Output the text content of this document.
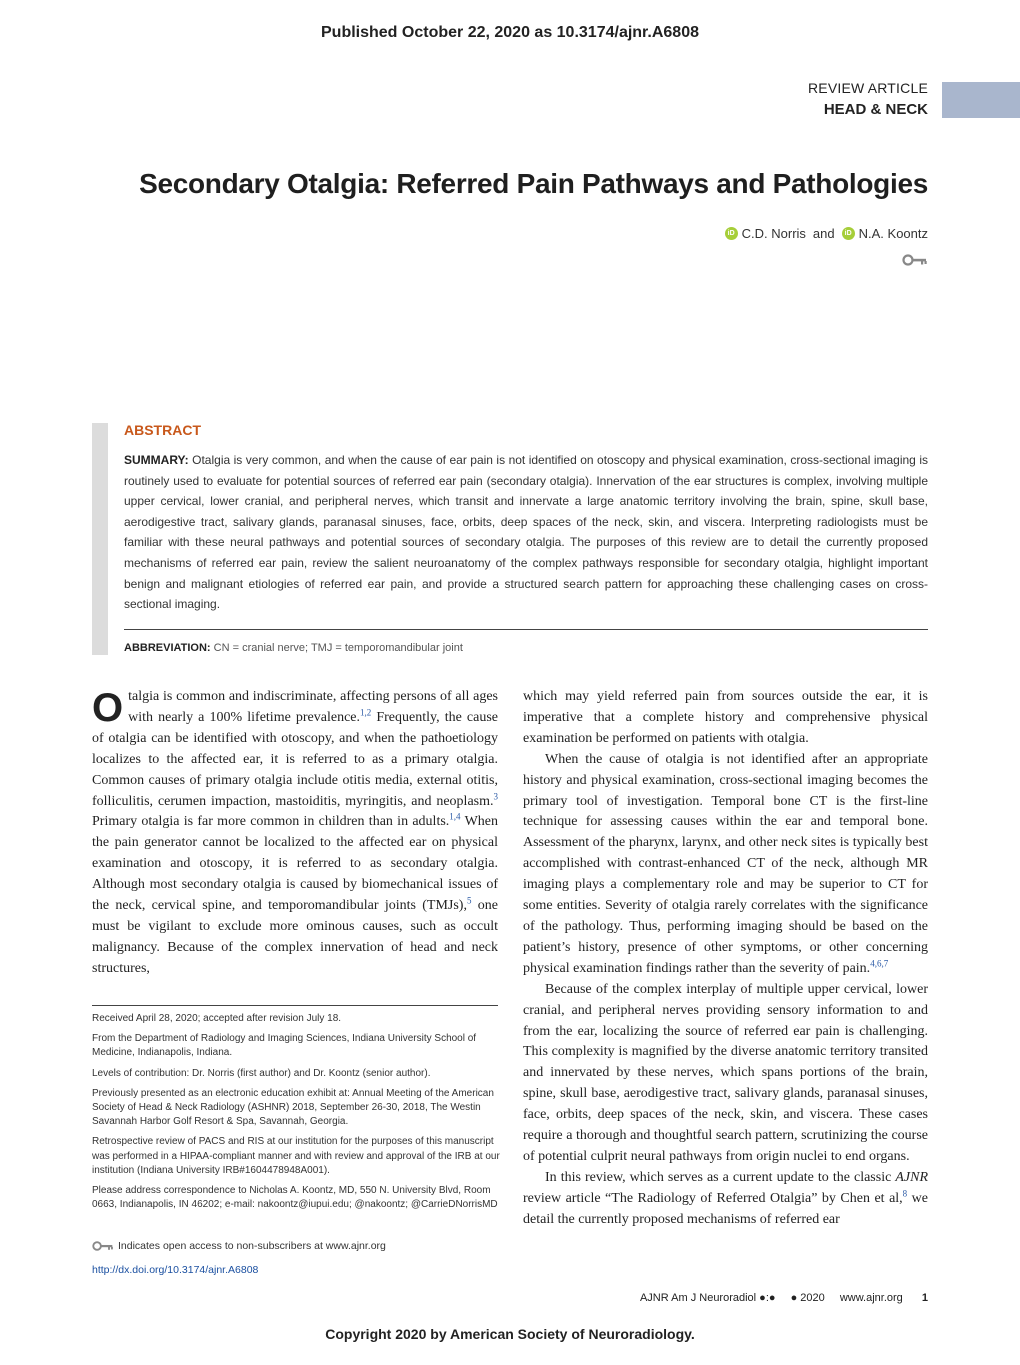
Published October 22, 2020 as 10.3174/ajnr.A6808
REVIEW ARTICLE
HEAD & NECK
Secondary Otalgia: Referred Pain Pathways and Pathologies
iD C.D. Norris and	iD N.A. Koontz
ABSTRACT
SUMMARY: Otalgia is very common, and when the cause of ear pain is not identified on otoscopy and physical examination, cross-sectional imaging is routinely used to evaluate for potential sources of referred ear pain (secondary otalgia). Innervation of the ear structures is complex, involving multiple upper cervical, lower cranial, and peripheral nerves, which transit and innervate a large anatomic territory involving the brain, spine, skull base, aerodigestive tract, salivary glands, paranasal sinuses, face, orbits, deep spaces of the neck, skin, and viscera. Interpreting radiologists must be familiar with these neural pathways and potential sources of secondary otalgia. The purposes of this review are to detail the currently proposed mechanisms of referred ear pain, review the salient neuroanatomy of the complex pathways responsible for secondary otalgia, highlight important benign and malignant etiologies of referred ear pain, and provide a structured search pattern for approaching these challenging cases on cross-sectional imaging.
ABBREVIATION: CN = cranial nerve; TMJ = temporomandibular joint

Otalgia is common and indiscriminate, affecting persons of all ages with nearly a 100% lifetime prevalence.$^{1,2}$ Frequently, the cause of otalgia can be identified with otoscopy, and when the pathoetiology localizes to the affected ear, it is referred to as a primary otalgia. Common causes of primary otalgia include otitis media, external otitis, folliculitis, cerumen impaction, mastoiditis, myringitis, and neoplasm.$^3$ Primary otalgia is far more common in children than in adults.$^{1,4}$ When the pain generator cannot be localized to the affected ear on physical examination and otoscopy, it is referred to as secondary otalgia. Although most secondary otalgia is caused by biomechanical issues of the neck, cervical spine, and temporomandibular joints (TMJs),$^5$ one must be vigilant to exclude more ominous causes, such as occult malignancy. Because of the complex innervation of head and neck structures,

which may yield referred pain from sources outside the ear, it is imperative that a complete history and comprehensive physical examination be performed on patients with otalgia.

When the cause of otalgia is not identified after an appropriate history and physical examination, cross-sectional imaging becomes the primary tool of investigation. Temporal bone CT is the first-line technique for assessing causes within the ear and temporal bone. Assessment of the pharynx, larynx, and other neck sites is typically best accomplished with contrast-enhanced CT of the neck, although MR imaging plays a complementary role and may be superior to CT for some entities. Severity of otalgia rarely correlates with the significance of the pathology. Thus, performing imaging should be based on the patient’s history, presence of other symptoms, or other concerning physical examination findings rather than the severity of pain.$^{4,6,7}$

Because of the complex interplay of multiple upper cervical, lower cranial, and peripheral nerves providing sensory information to and from the ear, localizing the source of referred ear pain is challenging. This complexity is magnified by the diverse anatomic territory transited and innervated by these nerves, which spans portions of the brain, spine, skull base, aerodigestive tract, salivary glands, paranasal sinuses, face, orbits, deep spaces of the neck, skin, and viscera. These cases require a thorough and thoughtful search pattern, scrutinizing the course of potential culprit neural pathways from origin nuclei to end organs.

In this review, which serves as a current update to the classic AJNR review article “The Radiology of Referred Otalgia” by Chen et al,$^8$ we detail the currently proposed mechanisms of referred ear

Received April 28, 2020; accepted after revision July 18.

From the Department of Radiology and Imaging Sciences, Indiana University School of Medicine, Indianapolis, Indiana.

Levels of contribution: Dr. Norris (first author) and Dr. Koontz (senior author).

Previously presented as an electronic education exhibit at: Annual Meeting of the American Society of Head & Neck Radiology (ASHNR) 2018, September 26-30, 2018, The Westin Savannah Harbor Golf Resort & Spa, Savannah, Georgia.

Retrospective review of PACS and RIS at our institution for the purposes of this manuscript was performed in a HIPAA-compliant manner and with review and approval of the IRB at our institution (Indiana University IRB#1604478948A001).

Please address correspondence to Nicholas A. Koontz, MD, 550 N. University Blvd, Room 0663, Indianapolis, IN 46202; e-mail: nakoontz@iupui.edu; @nakoontz; @CarrieDNorrisMD

Indicates open access to non-subscribers at www.ajnr.org
http://dx.doi.org/10.3174/ajnr.A6808
AJNR Am J Neuroradiol ●:● ● 2020 www.ajnr.org 1
Copyright 2020 by American Society of Neuroradiology.
